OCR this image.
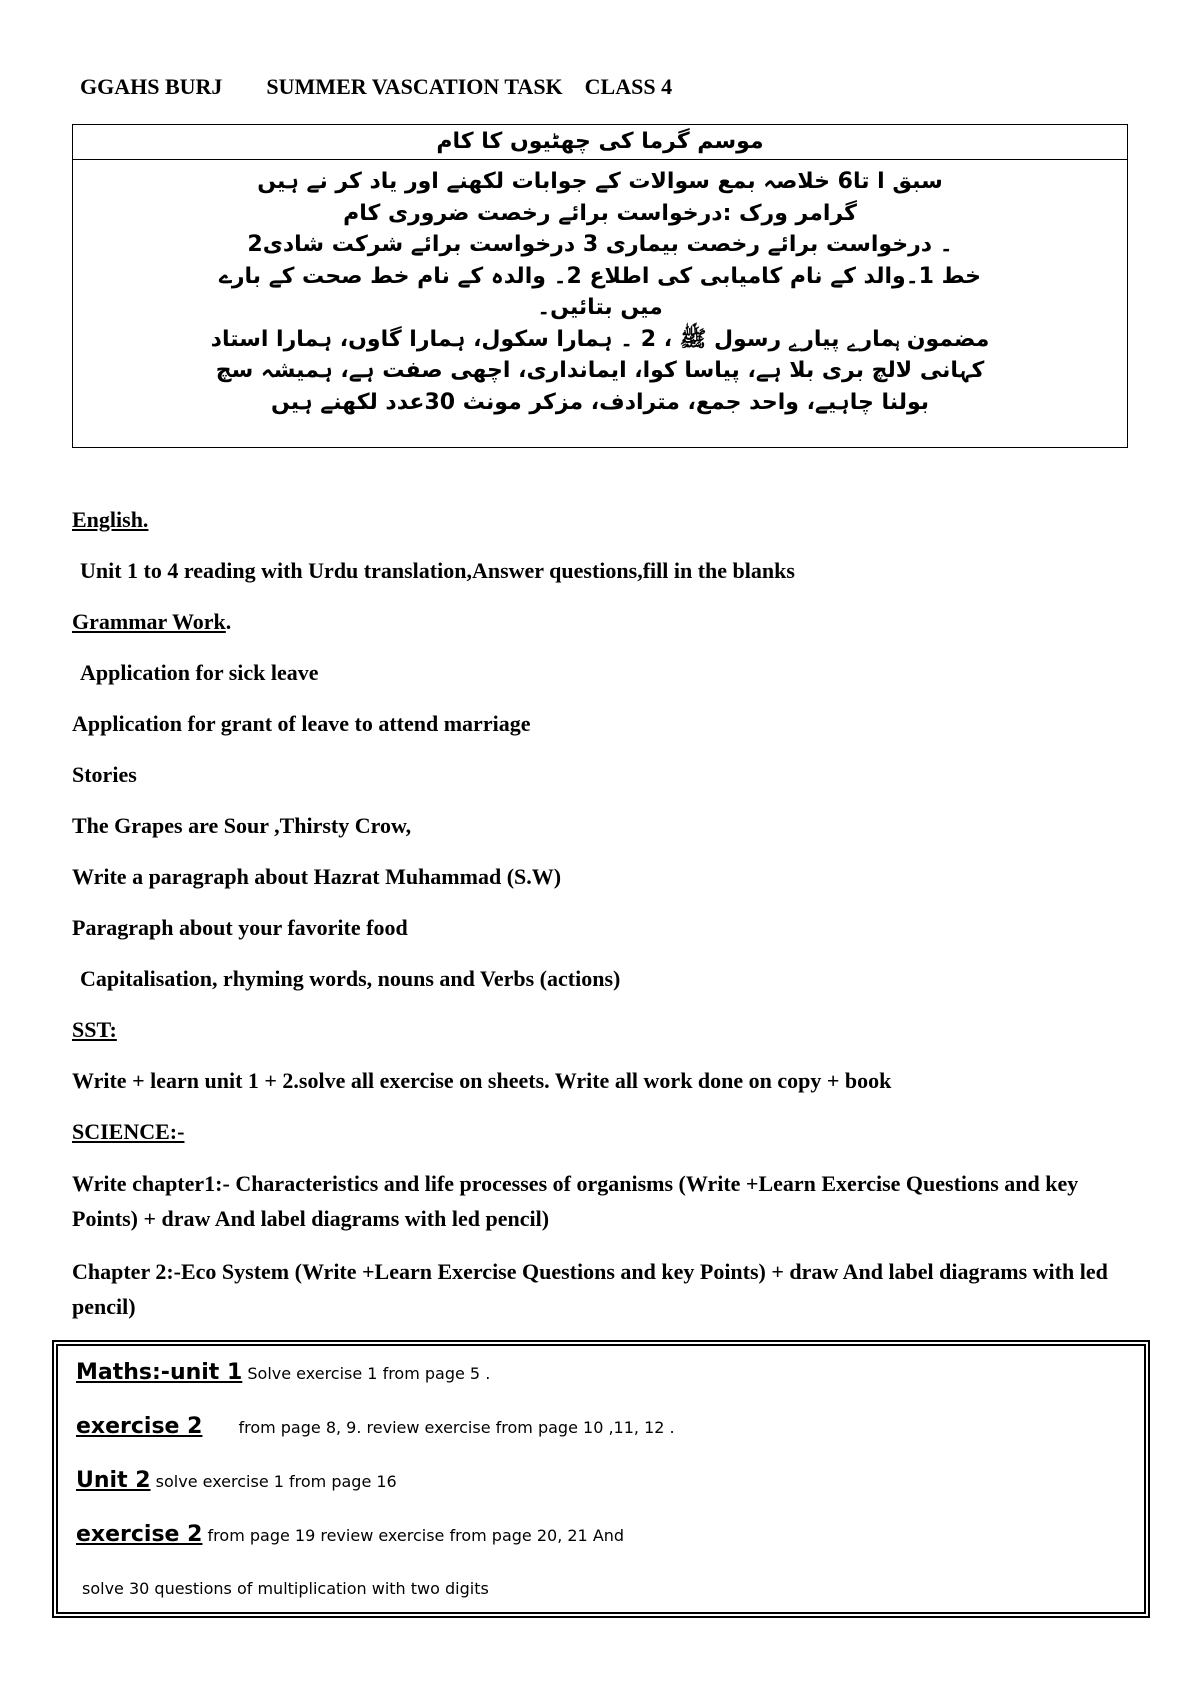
GGAHS BURJ SUMMER VASCATION TASK CLASS 4
موسم گرما کی چھٹیوں کا کام
سبق ا تا6 خلاصہ بمع سوالات کے جوابات لکھنے اور یاد کر نے ہیں
گرامر ورک :درخواست برائے رخصت ضروری کام
۔ درخواست برائے رخصت بیماری 3 درخواست برائے شرکت شادی2
خط 1۔والد کے نام کامیابی کی اطلاع 2۔ والدہ کے نام خط صحت کے بارے
میں بتائیں۔
مضمون ہمارے پیارے رسول ﷺ ، 2 ۔ ہمارا سکول، ہمارا گاوں، ہمارا استاد
کہانی لالچ بری بلا ہے، پیاسا کوا، ایمانداری، اچھی صفت ہے، ہمیشہ سچ
بولنا چاہیے، واحد جمع، مترادف، مزکر مونث 30عدد لکھنے ہیں

English.

Unit 1 to 4 reading with Urdu translation,Answer questions,fill in the blanks

Grammar Work.

Application for sick leave

Application for grant of leave to attend marriage

Stories

The Grapes are Sour ,Thirsty Crow,

Write a paragraph about Hazrat Muhammad (S.W)

Paragraph about your favorite food

Capitalisation, rhyming words, nouns and Verbs (actions)

SST:

Write + learn unit 1 + 2.solve all exercise on sheets. Write all work done on copy + book

SCIENCE:-

Write chapter1:- Characteristics and life processes of organisms (Write +Learn Exercise Questions and key Points) + draw And label diagrams with led pencil)

Chapter 2:-Eco System (Write +Learn Exercise Questions and key Points) + draw And label diagrams with led pencil)

Maths:-unit 1 Solve exercise 1 from page 5 .
exercise 2 from page 8, 9. review exercise from page 10 ,11, 12 .
Unit 2 solve exercise 1 from page 16
exercise 2 from page 19 review exercise from page 20, 21 And
solve 30 questions of multiplication with two digits
